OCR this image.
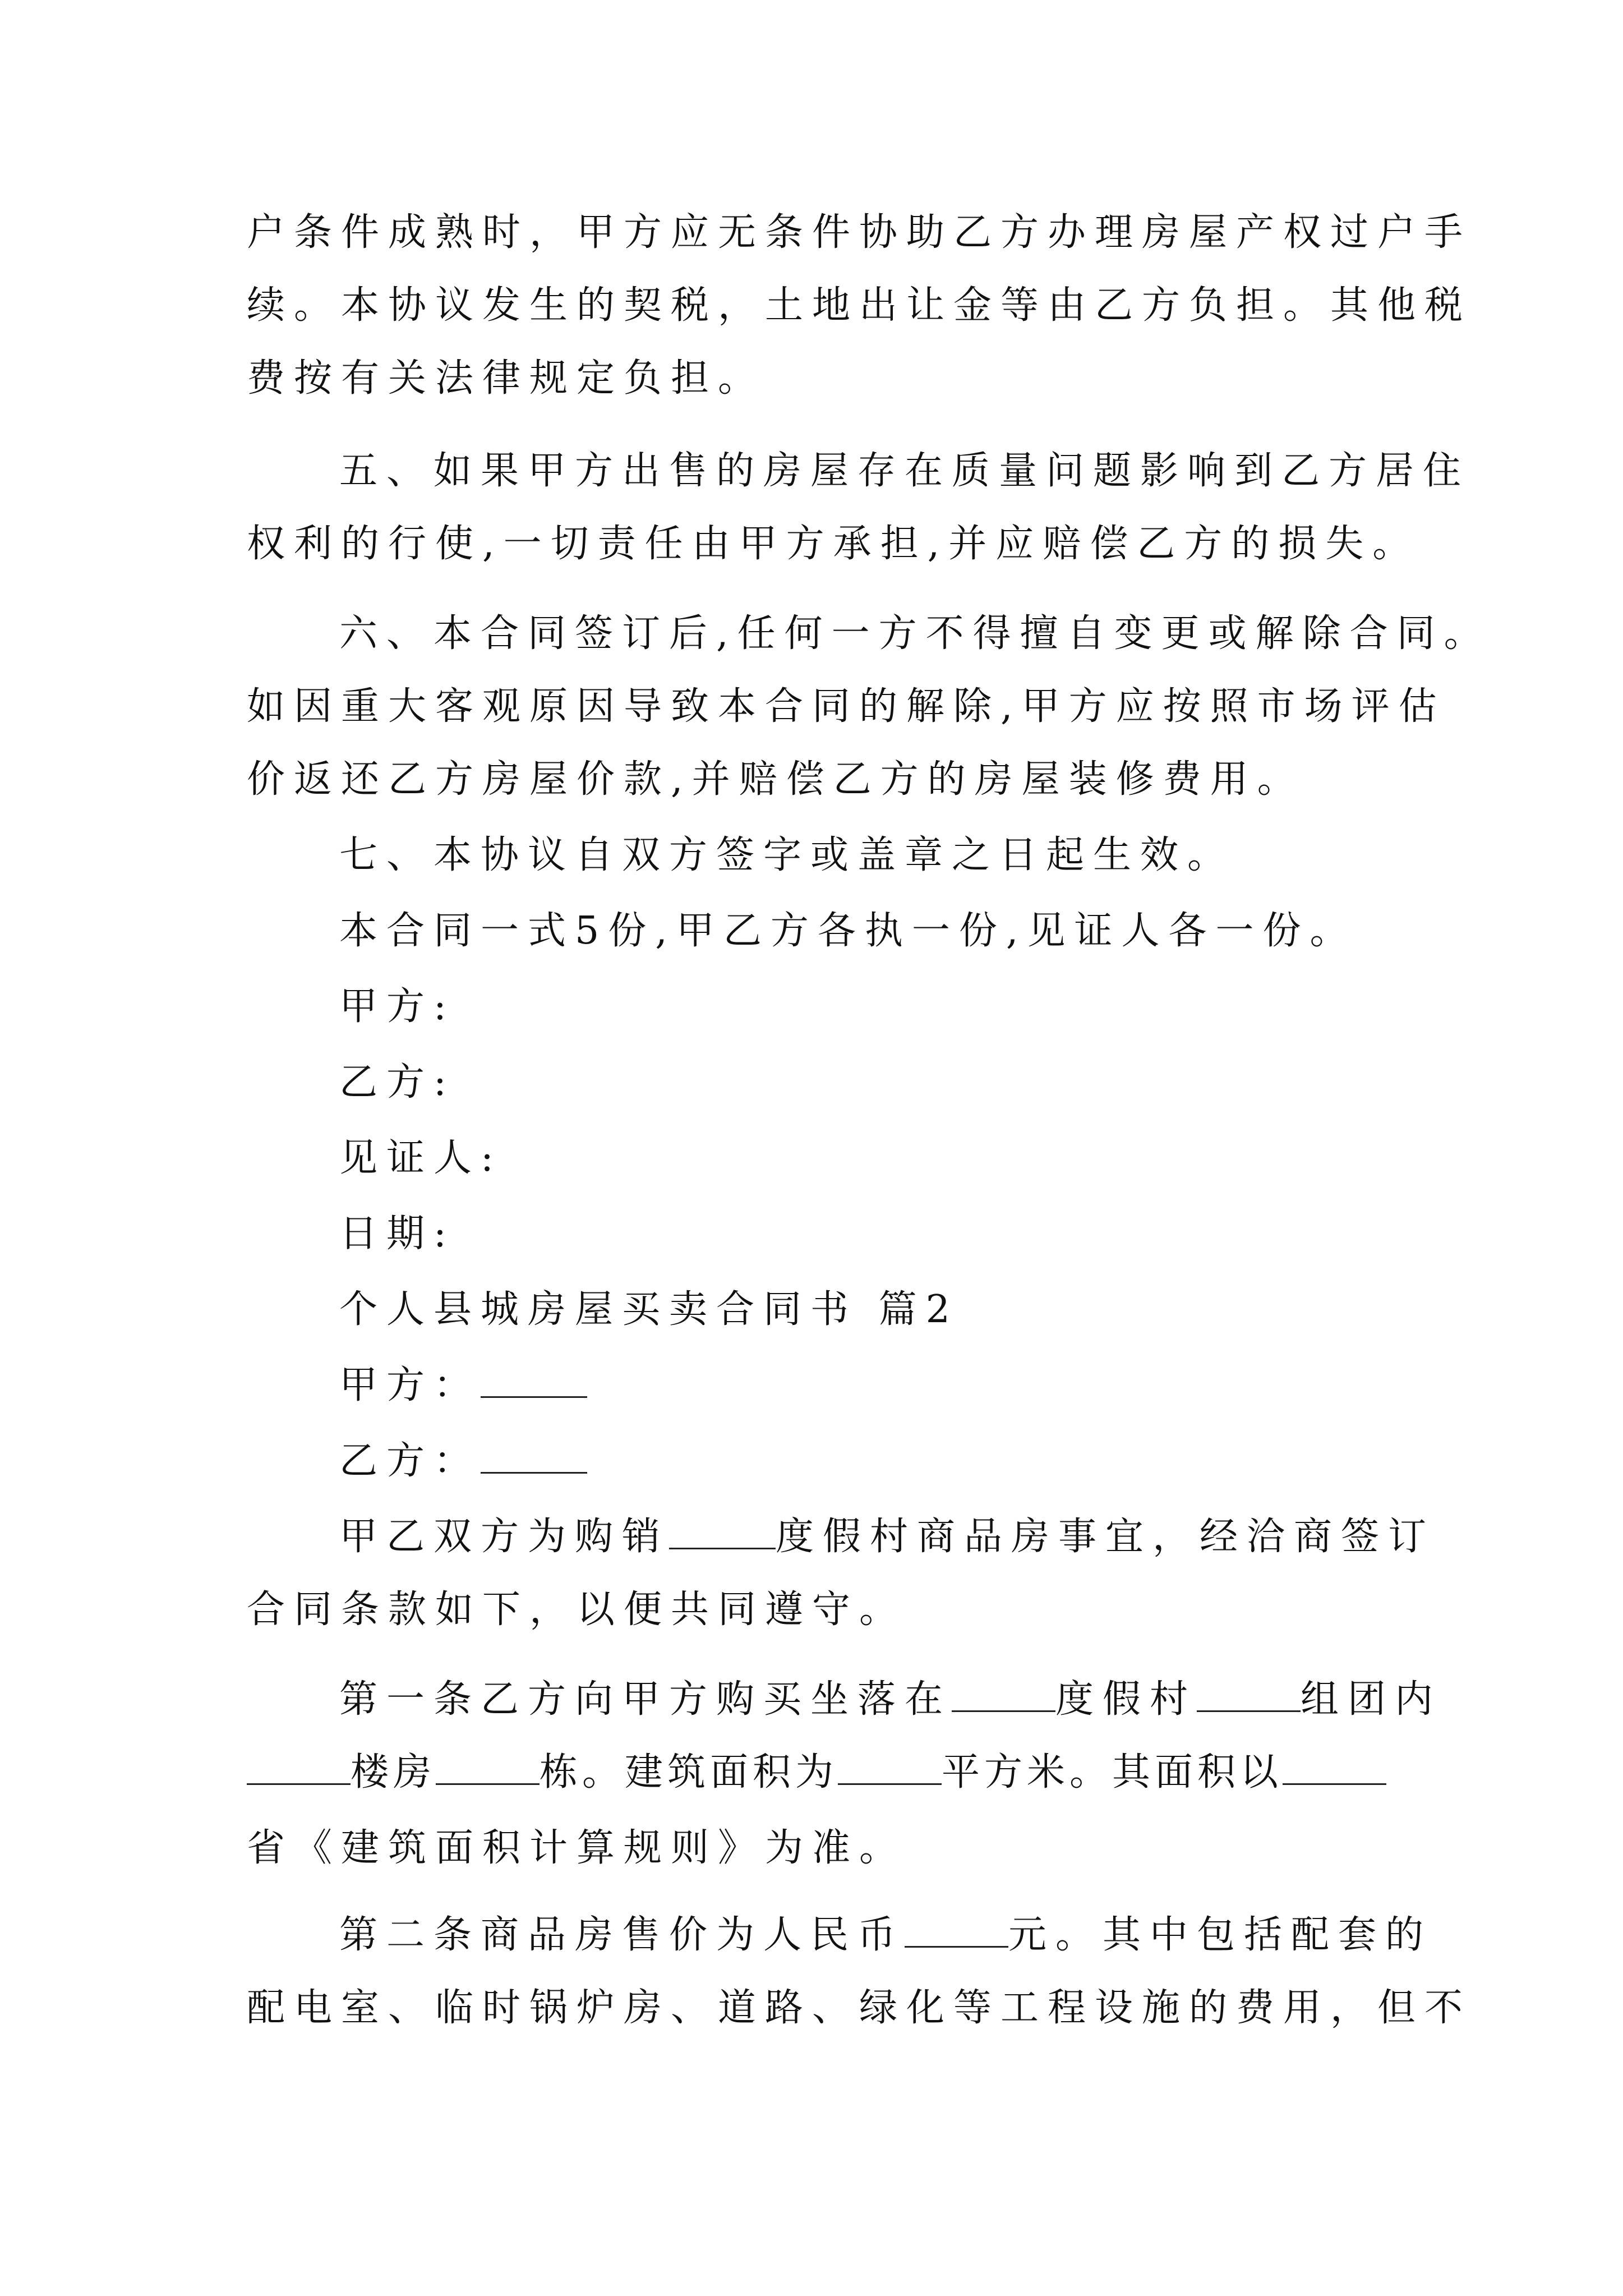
户条件成熟时，甲方应无条件协助乙方办理房屋产权过户手
续。本协议发生的契税，土地出让金等由乙方负担。其他税
费按有关法律规定负担。
五、如果甲方出售的房屋存在质量问题影响到乙方居住
权利的行使,一切责任由甲方承担,并应赔偿乙方的损失。
六、本合同签订后,任何一方不得擅自变更或解除合同。
如因重大客观原因导致本合同的解除,甲方应按照市场评估
价返还乙方房屋价款,并赔偿乙方的房屋装修费用。
七、本协议自双方签字或盖章之日起生效。
本合同一式5份,甲乙方各执一份,见证人各一份。
甲方:
乙方:
见证人:
日期:
个人县城房屋买卖合同书 篇2
甲方：
乙方：
甲乙双方为购销	度假村商品房事宜，经洽商签订
合同条款如下，以便共同遵守。
第一条乙方向甲方购买坐落在	度假村	组团内
楼房	栋。建筑面积为	平方米。其面积以
省《建筑面积计算规则》为准。
第二条商品房售价为人民币	元。其中包括配套的
配电室、临时锅炉房、道路、绿化等工程设施的费用，但不
